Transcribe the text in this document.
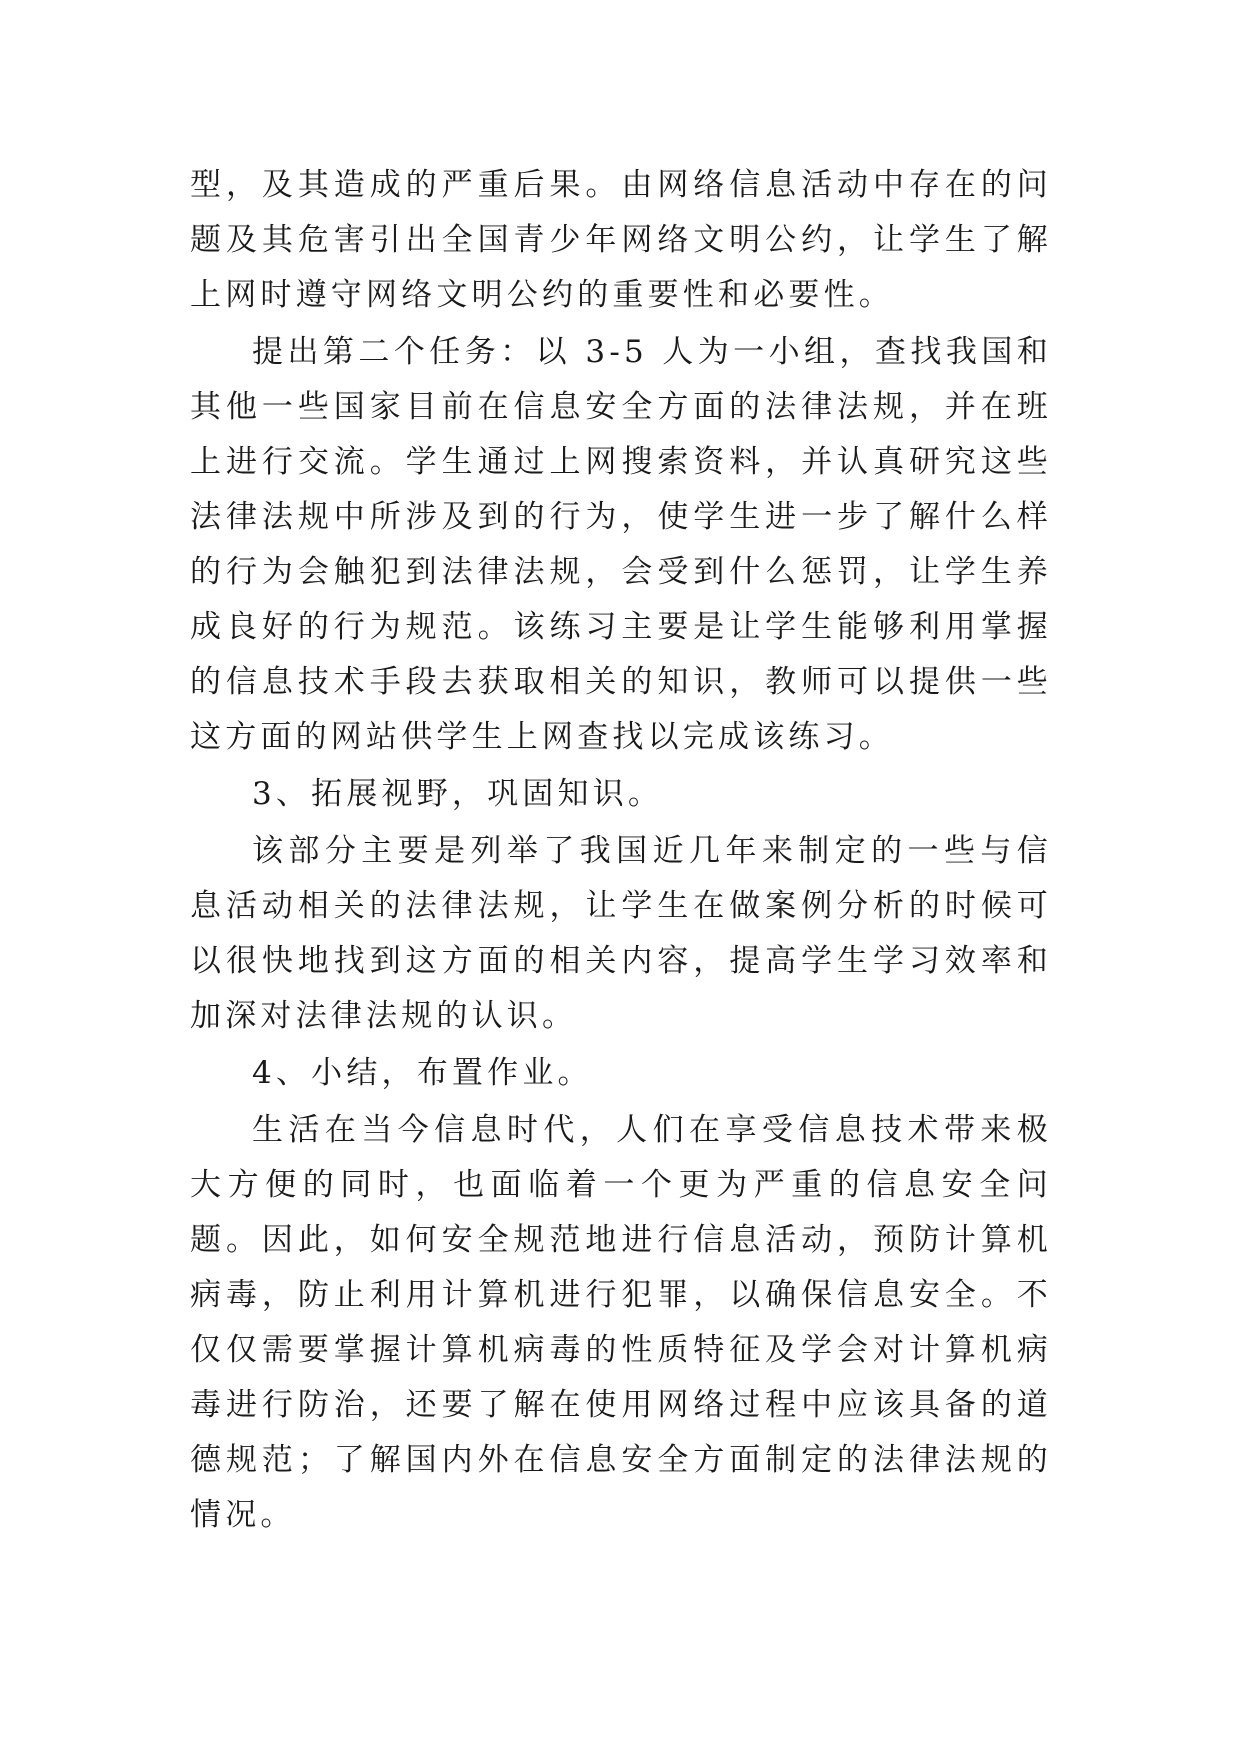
型，及其造成的严重后果。由网络信息活动中存在的问题及其危害引出全国青少年网络文明公约，让学生了解上网时遵守网络文明公约的重要性和必要性。

提出第二个任务：以 3-5 人为一小组，查找我国和其他一些国家目前在信息安全方面的法律法规，并在班上进行交流。学生通过上网搜索资料，并认真研究这些法律法规中所涉及到的行为，使学生进一步了解什么样的行为会触犯到法律法规，会受到什么惩罚，让学生养成良好的行为规范。该练习主要是让学生能够利用掌握的信息技术手段去获取相关的知识，教师可以提供一些这方面的网站供学生上网查找以完成该练习。

3、拓展视野，巩固知识。

该部分主要是列举了我国近几年来制定的一些与信息活动相关的法律法规，让学生在做案例分析的时候可以很快地找到这方面的相关内容，提高学生学习效率和加深对法律法规的认识。

4、小结，布置作业。

生活在当今信息时代，人们在享受信息技术带来极大方便的同时，也面临着一个更为严重的信息安全问题。因此，如何安全规范地进行信息活动，预防计算机病毒，防止利用计算机进行犯罪，以确保信息安全。不仅仅需要掌握计算机病毒的性质特征及学会对计算机病毒进行防治，还要了解在使用网络过程中应该具备的道德规范；了解国内外在信息安全方面制定的法律法规的情况。
